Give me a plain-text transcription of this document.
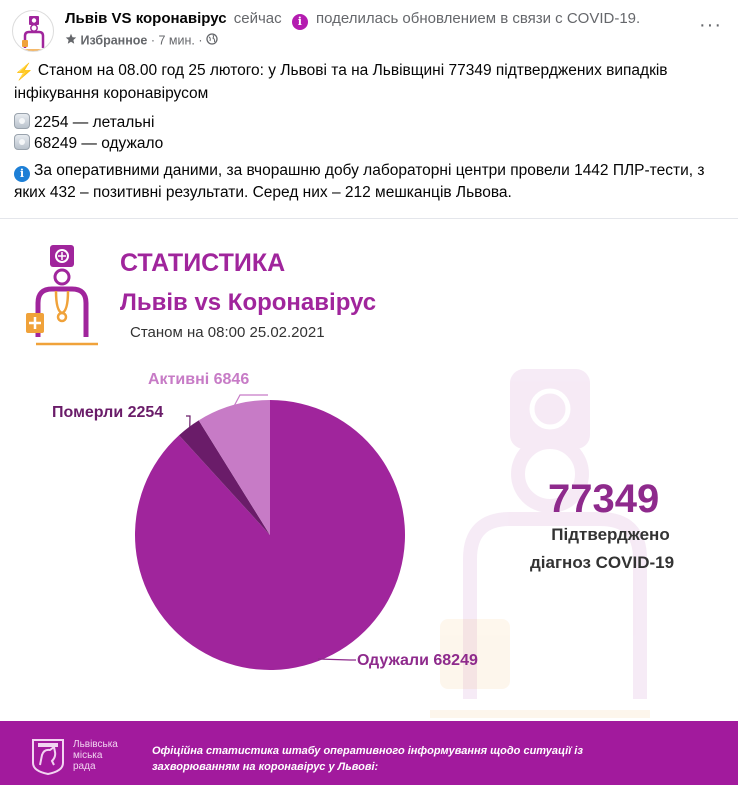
Львів VS коронавірус сейчас i поделилась обновлением в связи с COVID-19.
Избранное · 7 мин. ·
···

⚡ Станом на 08.00 год 25 лютого: у Львові та на Львівщині 77349 підтверджених випадків інфікування коронавірусом

2254 — летальні
68249 — одужало

i За оперативними даними, за вчорашню добу лабораторні центри провели 1442 ПЛР-тести, з яких 432 – позитивні результати. Серед них – 212 мешканців Львова.

СТАТИСТИКА
Львів vs Коронавірус
Станом на 08:00 25.02.2021
Активні 6846
Померли 2254
Одужали 68249
77349
Підтверджено
діагноз COVID-19
Львівська
міська
рада
Офіційна статистика штабу оперативного інформування щодо ситуації із захворюванням на коронавірус у Львові:
